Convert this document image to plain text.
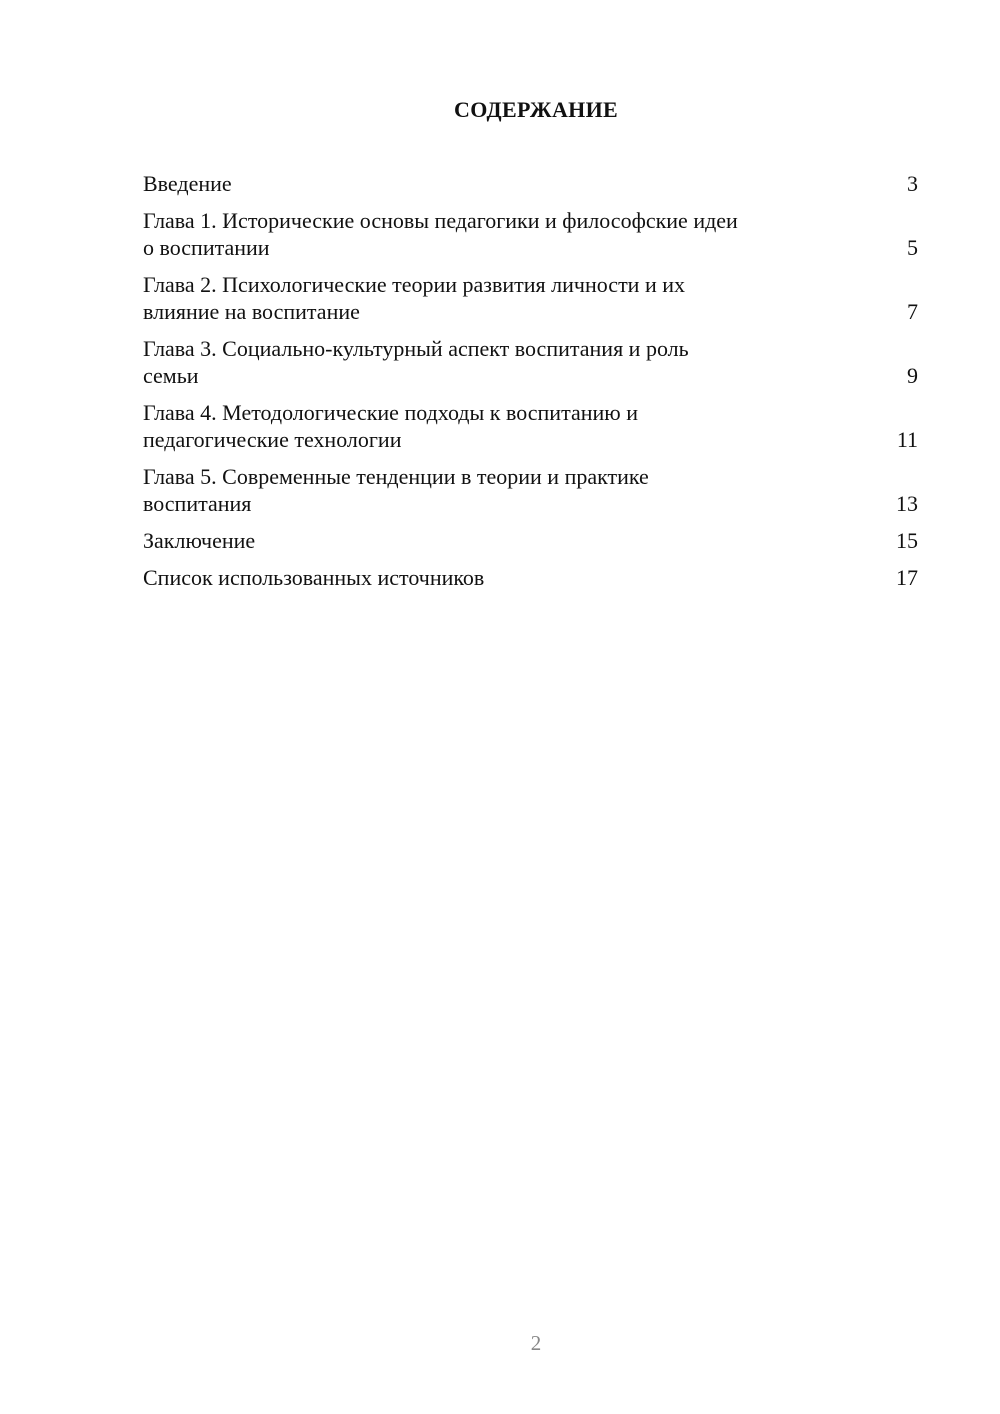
СОДЕРЖАНИЕ
Введение	3
Глава 1. Исторические основы педагогики и философские идеи
о воспитании	5
Глава 2. Психологические теории развития личности и их
влияние на воспитание	7
Глава 3. Социально-культурный аспект воспитания и роль
семьи	9
Глава 4. Методологические подходы к воспитанию и
педагогические технологии	11
Глава 5. Современные тенденции в теории и практике
воспитания	13
Заключение	15
Список использованных источников	17
2
